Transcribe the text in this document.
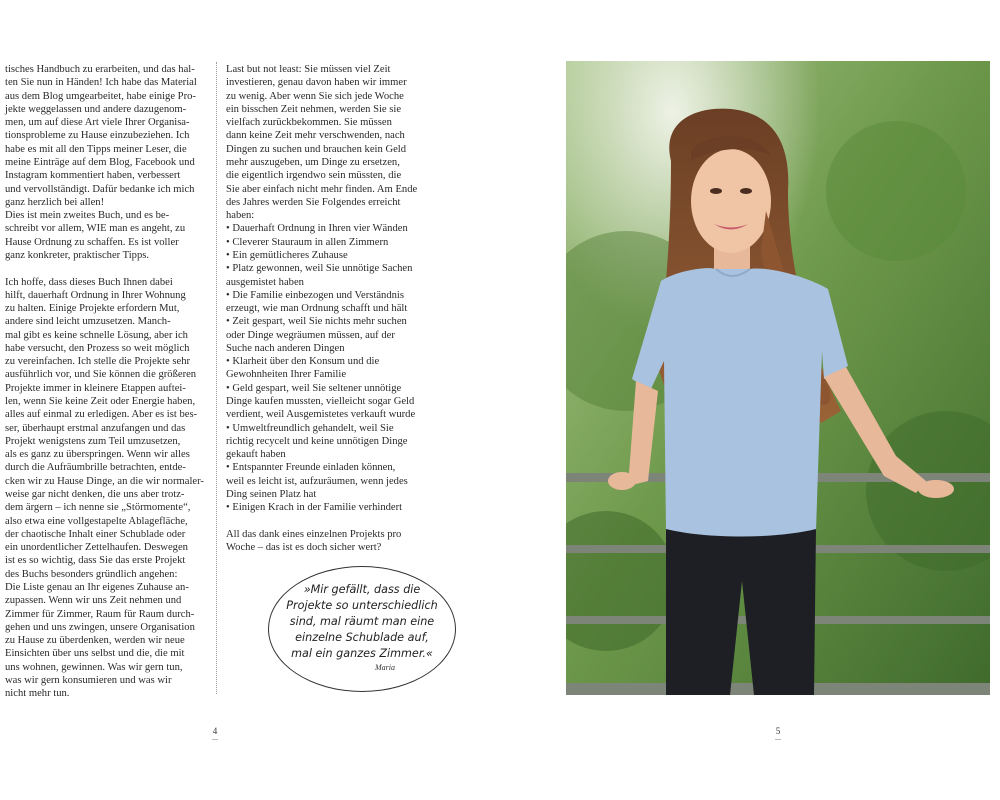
tisches Handbuch zu erarbeiten, und das hal-

ten Sie nun in Händen! Ich habe das Material

aus dem Blog umgearbeitet, habe einige Pro-

jekte weggelassen und andere dazugenom-

men, um auf diese Art viele Ihrer Organisa-

tionsprobleme zu Hause einzubeziehen. Ich

habe es mit all den Tipps meiner Leser, die

meine Einträge auf dem Blog, Facebook und

Instagram kommentiert haben, verbessert

und vervollständigt. Dafür bedanke ich mich

ganz herzlich bei allen!

Dies ist mein zweites Buch, und es be-

schreibt vor allem, WIE man es angeht, zu

Hause Ordnung zu schaffen. Es ist voller

ganz konkreter, praktischer Tipps.

Ich hoffe, dass dieses Buch Ihnen dabei

hilft, dauerhaft Ordnung in Ihrer Wohnung

zu halten. Einige Projekte erfordern Mut,

andere sind leicht umzusetzen. Manch-

mal gibt es keine schnelle Lösung, aber ich

habe versucht, den Prozess so weit möglich

zu vereinfachen. Ich stelle die Projekte sehr

ausführlich vor, und Sie können die größeren

Projekte immer in kleinere Etappen auftei-

len, wenn Sie keine Zeit oder Energie haben,

alles auf einmal zu erledigen. Aber es ist bes-

ser, überhaupt erstmal anzufangen und das

Projekt wenigstens zum Teil umzusetzen,

als es ganz zu überspringen. Wenn wir alles

durch die Aufräumbrille betrachten, entde-

cken wir zu Hause Dinge, an die wir normaler-

weise gar nicht denken, die uns aber trotz-

dem ärgern – ich nenne sie „Störmomente“,

also etwa eine vollgestapelte Ablagefläche,

der chaotische Inhalt einer Schublade oder

ein unordentlicher Zettelhaufen. Deswegen

ist es so wichtig, dass Sie das erste Projekt

des Buchs besonders gründlich angehen:

Die Liste genau an Ihr eigenes Zuhause an-

zupassen. Wenn wir uns Zeit nehmen und

Zimmer für Zimmer, Raum für Raum durch-

gehen und uns zwingen, unsere Organisation

zu Hause zu überdenken, werden wir neue

Einsichten über uns selbst und die, die mit

uns wohnen, gewinnen. Was wir gern tun,

was wir gern konsumieren und was wir

nicht mehr tun.

Last but not least: Sie müssen viel Zeit

investieren, genau davon haben wir immer

zu wenig. Aber wenn Sie sich jede Woche

ein bisschen Zeit nehmen, werden Sie sie

vielfach zurückbekommen. Sie müssen

dann keine Zeit mehr verschwenden, nach

Dingen zu suchen und brauchen kein Geld

mehr auszugeben, um Dinge zu ersetzen,

die eigentlich irgendwo sein müssten, die

Sie aber einfach nicht mehr finden. Am Ende

des Jahres werden Sie Folgendes erreicht

haben:

• Dauerhaft Ordnung in Ihren vier Wänden

• Cleverer Stauraum in allen Zimmern

• Ein gemütlicheres Zuhause

• Platz gewonnen, weil Sie unnötige Sachen

ausgemistet haben

• Die Familie einbezogen und Verständnis

erzeugt, wie man Ordnung schafft und hält

• Zeit gespart, weil Sie nichts mehr suchen

oder Dinge wegräumen müssen, auf der

Suche nach anderen Dingen

• Klarheit über den Konsum und die

Gewohnheiten Ihrer Familie

• Geld gespart, weil Sie seltener unnötige

Dinge kaufen mussten, vielleicht sogar Geld

verdient, weil Ausgemistetes verkauft wurde

• Umweltfreundlich gehandelt, weil Sie

richtig recycelt und keine unnötigen Dinge

gekauft haben

• Entspannter Freunde einladen können,

weil es leicht ist, aufzuräumen, wenn jedes

Ding seinen Platz hat

• Einigen Krach in der Familie verhindert

All das dank eines einzelnen Projekts pro

Woche – das ist es doch sicher wert?

»Mir gefällt, dass die
Projekte so unterschiedlich
sind, mal räumt man eine
einzelne Schublade auf,
mal ein ganzes Zimmer.«
Maria
4	5
